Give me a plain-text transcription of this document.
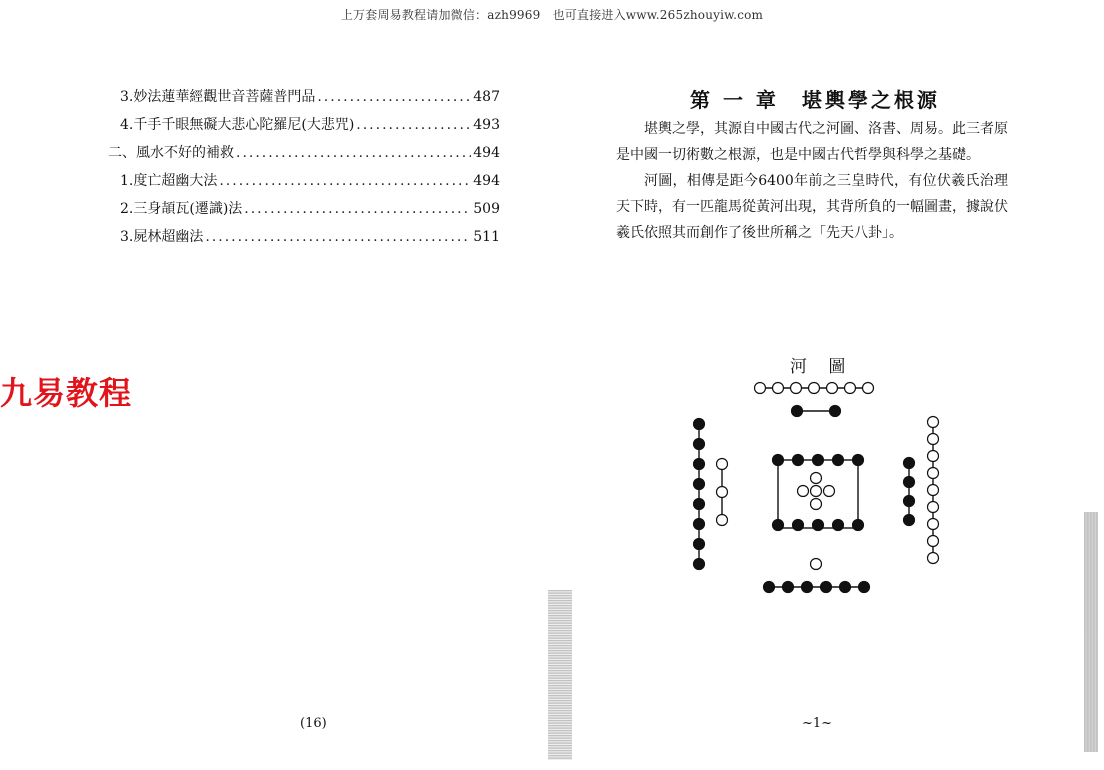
上万套周易教程请加微信：azh9969　也可直接进入www.265zhouyiw.com
3.妙法蓮華經觀世音菩薩普門品 .....	487
4.千手千眼無礙大悲心陀羅尼(大悲咒) .....	493
二、風水不好的補救 .....	494
1.度亡超幽大法 .....	494
2.三身頡瓦(遷識)法 .....	509
3.屍林超幽法 .....	511
九易教程
(16)
第 一 章　堪輿學之根源

堪輿之學，其源自中國古代之河圖、洛書、周易。此三者原是中國一切術數之根源，也是中國古代哲學與科學之基礎。

河圖，相傳是距今6400年前之三皇時代，有位伏羲氏治理天下時，有一匹龍馬從黃河出現，其背所負的一幅圖畫，據說伏羲氏依照其而創作了後世所稱之「先天八卦」。

河 圖
~1~
